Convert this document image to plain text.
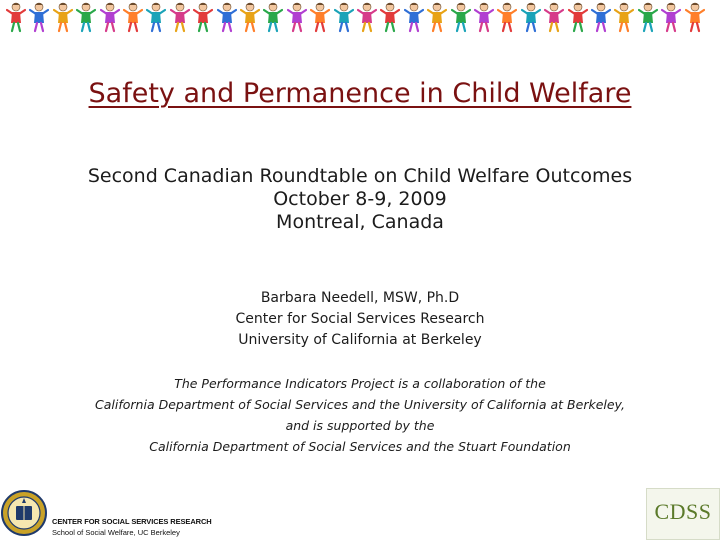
Safety and Permanence in Child Welfare
Second Canadian Roundtable on Child Welfare Outcomes
October 8-9, 2009
Montreal, Canada
Barbara Needell, MSW, Ph.D
Center for Social Services Research
University of California at Berkeley
The Performance Indicators Project is a collaboration of the
California Department of Social Services and the University of California at Berkeley,
and is supported by the
California Department of Social Services and the Stuart Foundation
CENTER FOR SOCIAL SERVICES RESEARCH
School of Social Welfare, UC Berkeley
CDSS
